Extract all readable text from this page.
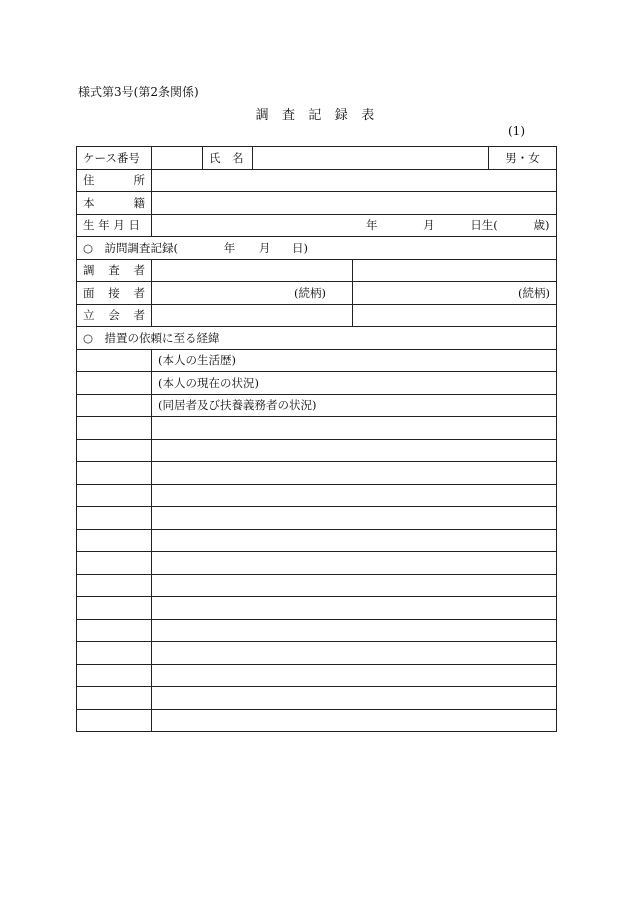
様式第3号(第2条関係)
調　査　記　録　表
(1)
ケース番号		氏　名			男・女

住 所					

本 籍					

生 年 月 日	年 月 日生( 歳)				
○　訪問調査記録( 年 月 日)					

調 査 者					

面 接 者	(続柄)			(続柄)	

立 会 者					

○　措置の依頼に至る経緯					
	(本人の生活歴)				
	(本人の現在の状況)				
	(同居者及び扶養義務者の状況)				
